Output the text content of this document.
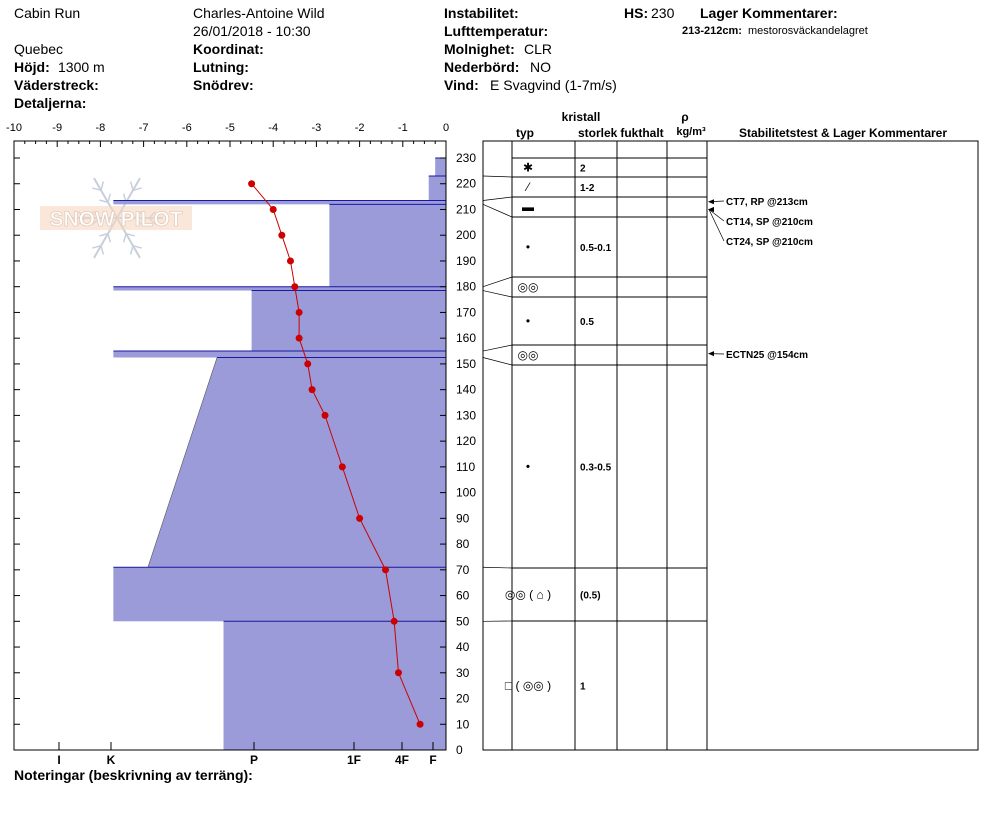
Cabin Run	Charles-Antoine Wild
26/01/2018 - 10:30
Quebec
Höjd: 1300 m
Väderstreck:
Detaljerna:
Koordinat:
Lutning:
Snödrev:
Instabilitet:
Lufttemperatur:
Molnighet: CLR
Nederbörd: NO
Vind: E Svagvind (1-7m/s)
HS: 230 Lager Kommentarer:
213-212cm: mestorosväckandelagret
Noteringar (beskrivning av terräng):
SNOW PILOT
-10	-9	-8	-7	-6	-5	-4	-3	-2	-1	0
0
10
20
30
40
50
60
70
80
90
100
110
120
130
140
150
160
170
180
190
200
210
220
230
I	K	P	1F	4F F
kristall
typ	storlek fukthalt
ρ
kg/m³	Stabilitetstest & Lager Kommentarer
✱	2
⁄	1-2
▬
•	0.5-0.1
◎◎
•	0.5
◎◎
•	0.3-0.5
◎◎ ( ⌂ )	(0.5)
□ ( ◎◎ )	1
CT7, RP @213cm
CT14, SP @210cm
CT24, SP @210cm
ECTN25 @154cm
